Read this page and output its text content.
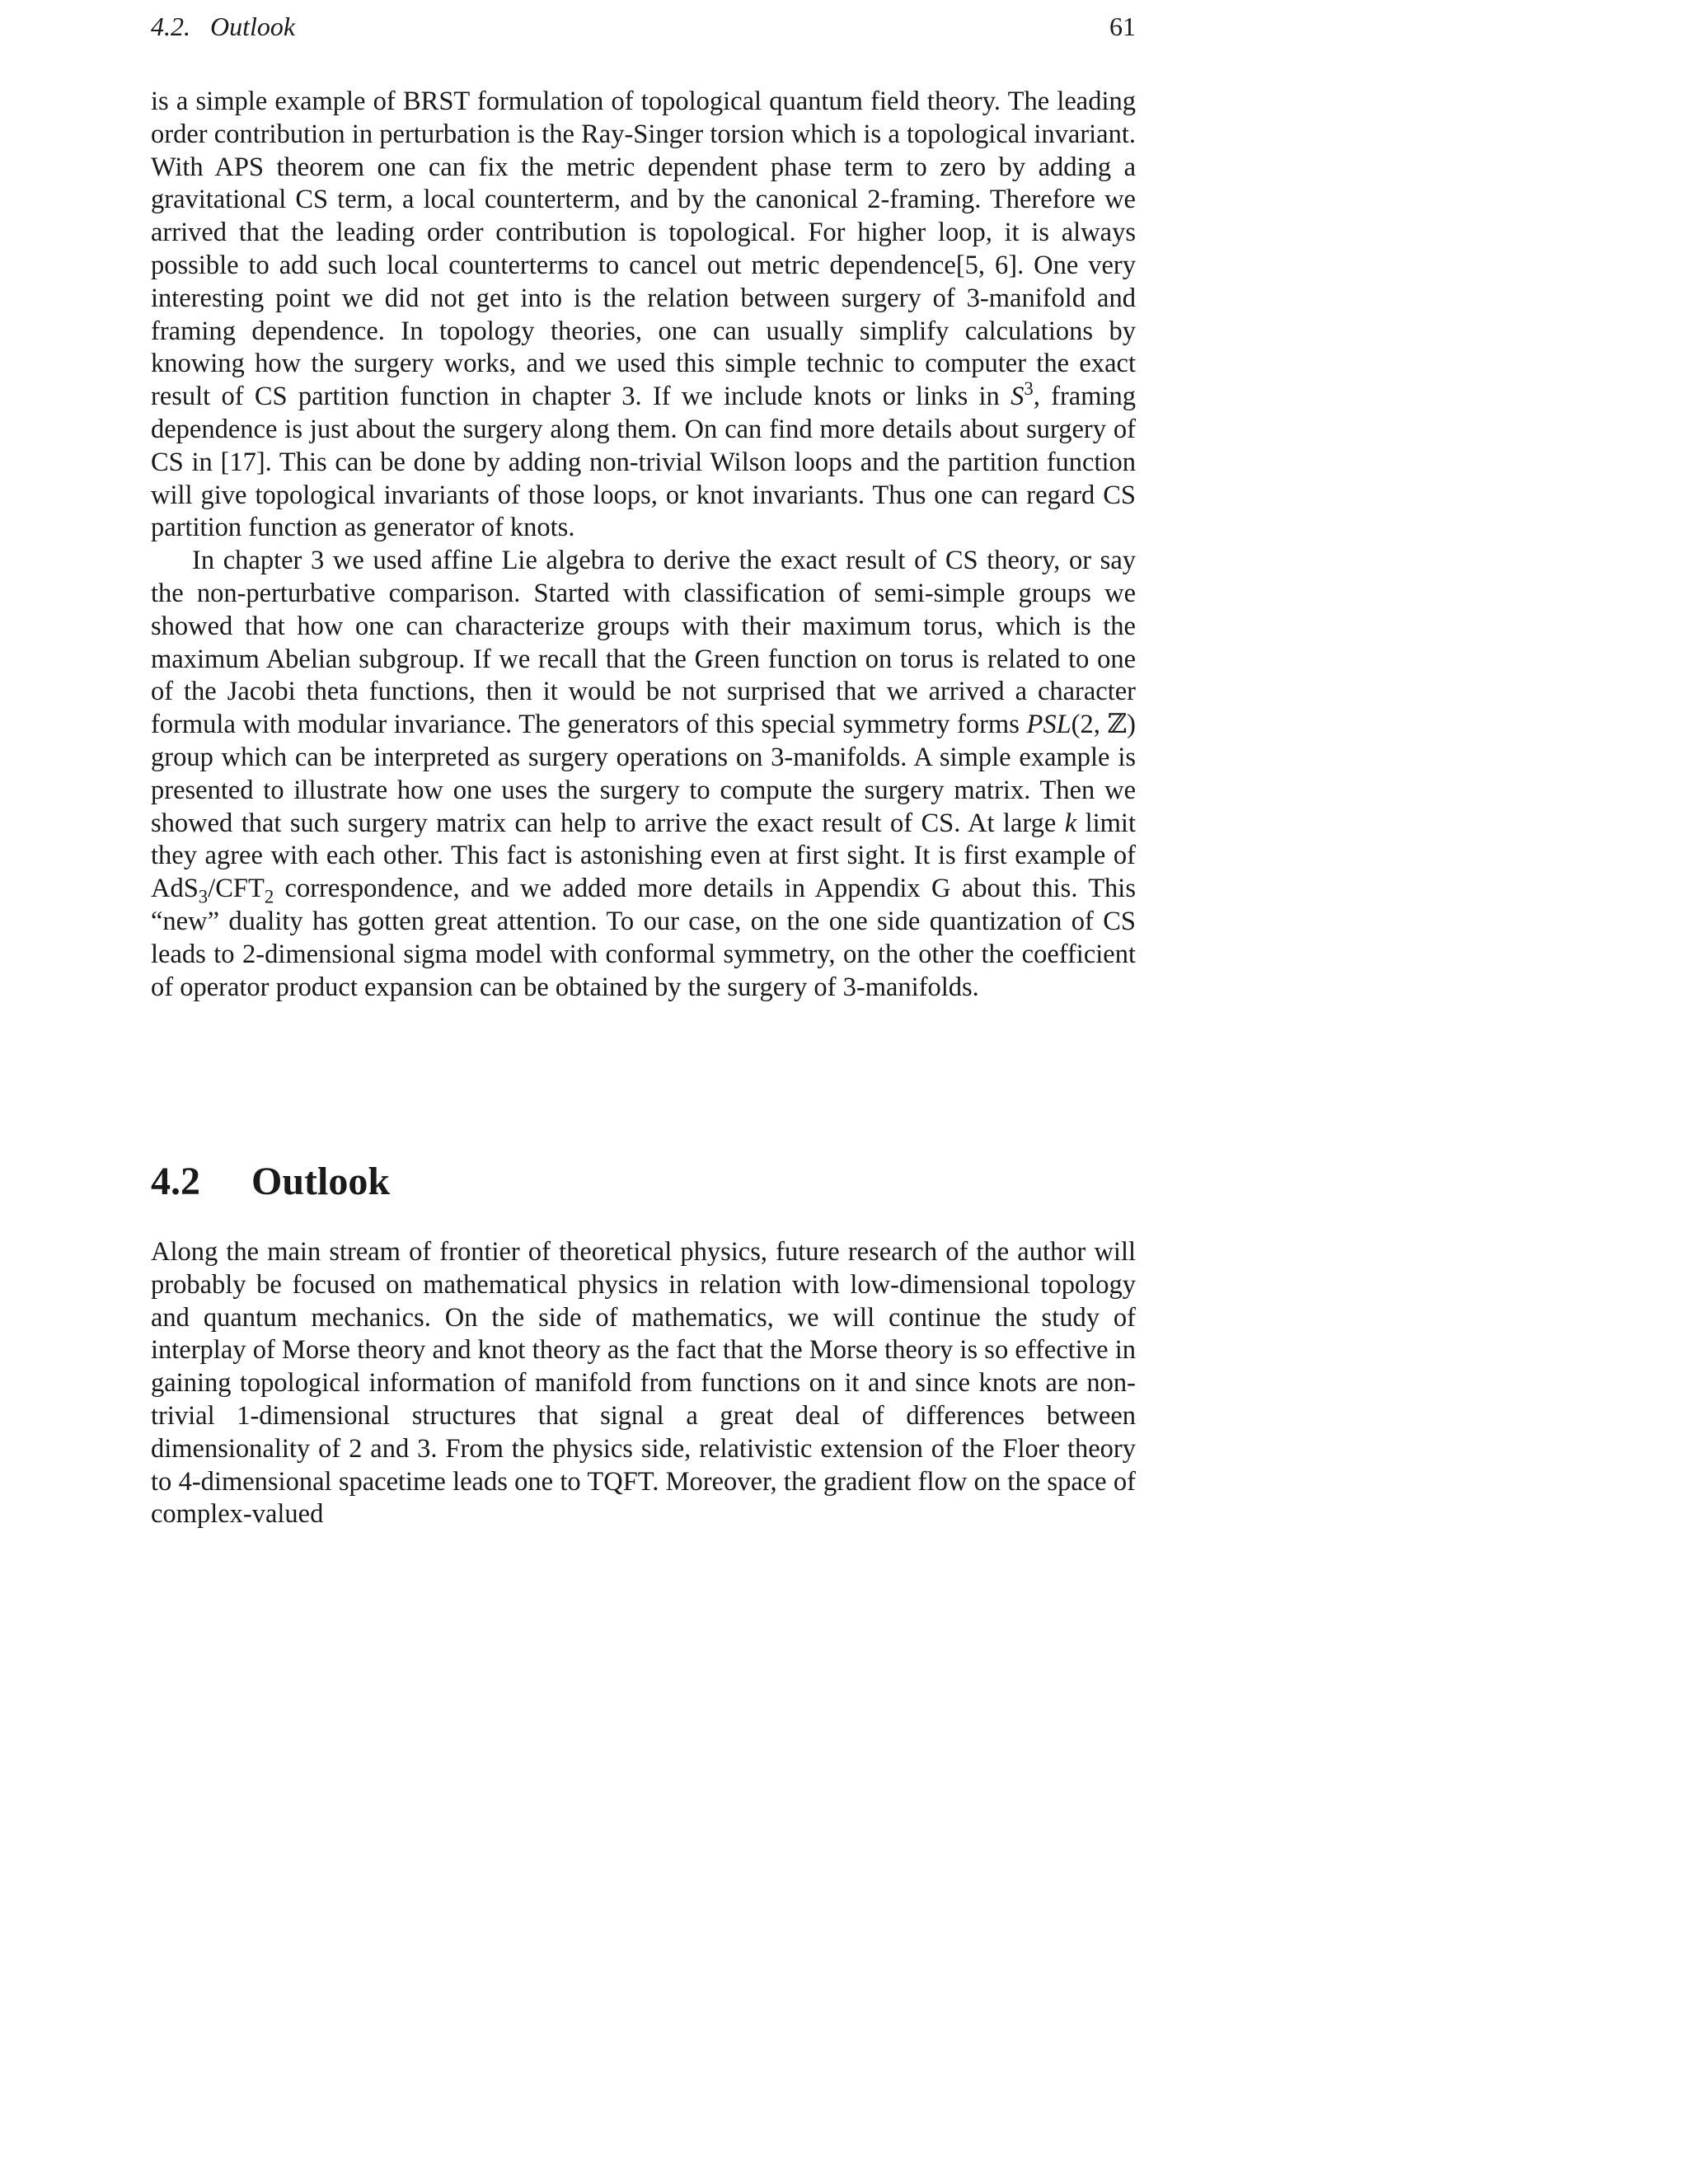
4.2.   Outlook	61

is a simple example of BRST formulation of topological quantum field theory. The leading order contribution in perturbation is the Ray-Singer torsion which is a topological invariant. With APS theorem one can fix the metric dependent phase term to zero by adding a gravitational CS term, a local counterterm, and by the canonical 2-framing. Therefore we arrived that the leading order contribution is topological. For higher loop, it is always possible to add such local counterterms to cancel out metric dependence[5, 6]. One very interesting point we did not get into is the relation between surgery of 3-manifold and framing dependence. In topology theories, one can usually simplify calculations by knowing how the surgery works, and we used this simple technic to computer the exact result of CS partition function in chapter 3. If we include knots or links in $S^3$, framing dependence is just about the surgery along them. On can find more details about surgery of CS in [17]. This can be done by adding non-trivial Wilson loops and the partition function will give topological invariants of those loops, or knot invariants. Thus one can regard CS partition function as generator of knots.

In chapter 3 we used affine Lie algebra to derive the exact result of CS theory, or say the non-perturbative comparison. Started with classification of semi-simple groups we showed that how one can characterize groups with their maximum torus, which is the maximum Abelian subgroup. If we recall that the Green function on torus is related to one of the Jacobi theta functions, then it would be not surprised that we arrived a character formula with modular invariance. The generators of this special symmetry forms PSL(2, ℤ) group which can be interpreted as surgery operations on 3-manifolds. A simple example is presented to illustrate how one uses the surgery to compute the surgery matrix. Then we showed that such surgery matrix can help to arrive the exact result of CS. At large k limit they agree with each other. This fact is astonishing even at first sight. It is first example of $AdS_3/CFT_2$ correspondence, and we added more details in Appendix G about this. This “new” duality has gotten great attention. To our case, on the one side quantization of CS leads to 2-dimensional sigma model with conformal symmetry, on the other the coefficient of operator product expansion can be obtained by the surgery of 3-manifolds.

4.2 Outlook

Along the main stream of frontier of theoretical physics, future research of the author will probably be focused on mathematical physics in relation with low-dimensional topology and quantum mechanics. On the side of mathematics, we will continue the study of interplay of Morse theory and knot theory as the fact that the Morse theory is so effective in gaining topological information of manifold from functions on it and since knots are non-trivial 1-dimensional structures that signal a great deal of differences between dimensionality of 2 and 3. From the physics side, relativistic extension of the Floer theory to 4-dimensional spacetime leads one to TQFT. Moreover, the gradient flow on the space of complex-valued
